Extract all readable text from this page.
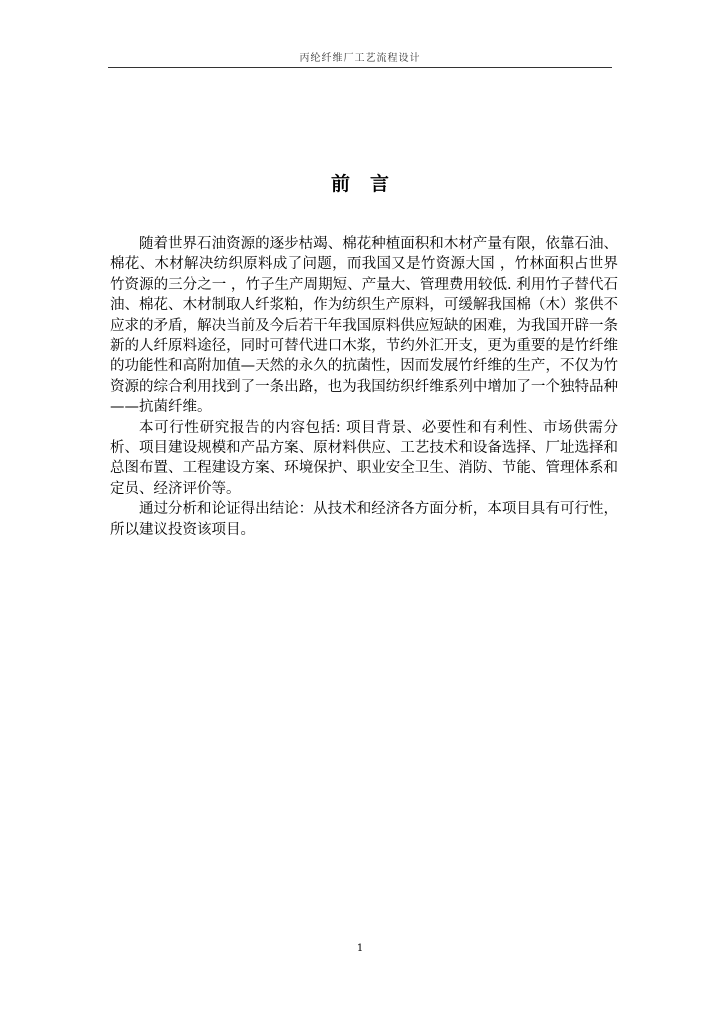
丙纶纤维厂工艺流程设计
前言

随着世界石油资源的逐步枯竭、棉花种植面积和木材产量有限，依靠石油、棉花、木材解决纺织原料成了问题，而我国又是竹资源大国 ，竹林面积占世界竹资源的三分之一 ，竹子生产周期短、产量大、管理费用较低. 利用竹子替代石油、棉花、木材制取人纤浆粕，作为纺织生产原料，可缓解我国棉（木）浆供不应求的矛盾，解决当前及今后若干年我国原料供应短缺的困难，为我国开辟一条新的人纤原料途径，同时可替代进口木浆，节约外汇开支，更为重要的是竹纤维的功能性和高附加值—天然的永久的抗菌性，因而发展竹纤维的生产，不仅为竹资源的综合利用找到了一条出路，也为我国纺织纤维系列中增加了一个独特品种——抗菌纤维。

本可行性研究报告的内容包括: 项目背景、必要性和有利性、市场供需分析、项目建设规模和产品方案、原材料供应、工艺技术和设备选择、厂址选择和总图布置、工程建设方案、环境保护、职业安全卫生、消防、节能、管理体系和定员、经济评价等。

通过分析和论证得出结论：从技术和经济各方面分析，本项目具有可行性，所以建议投资该项目。

1
